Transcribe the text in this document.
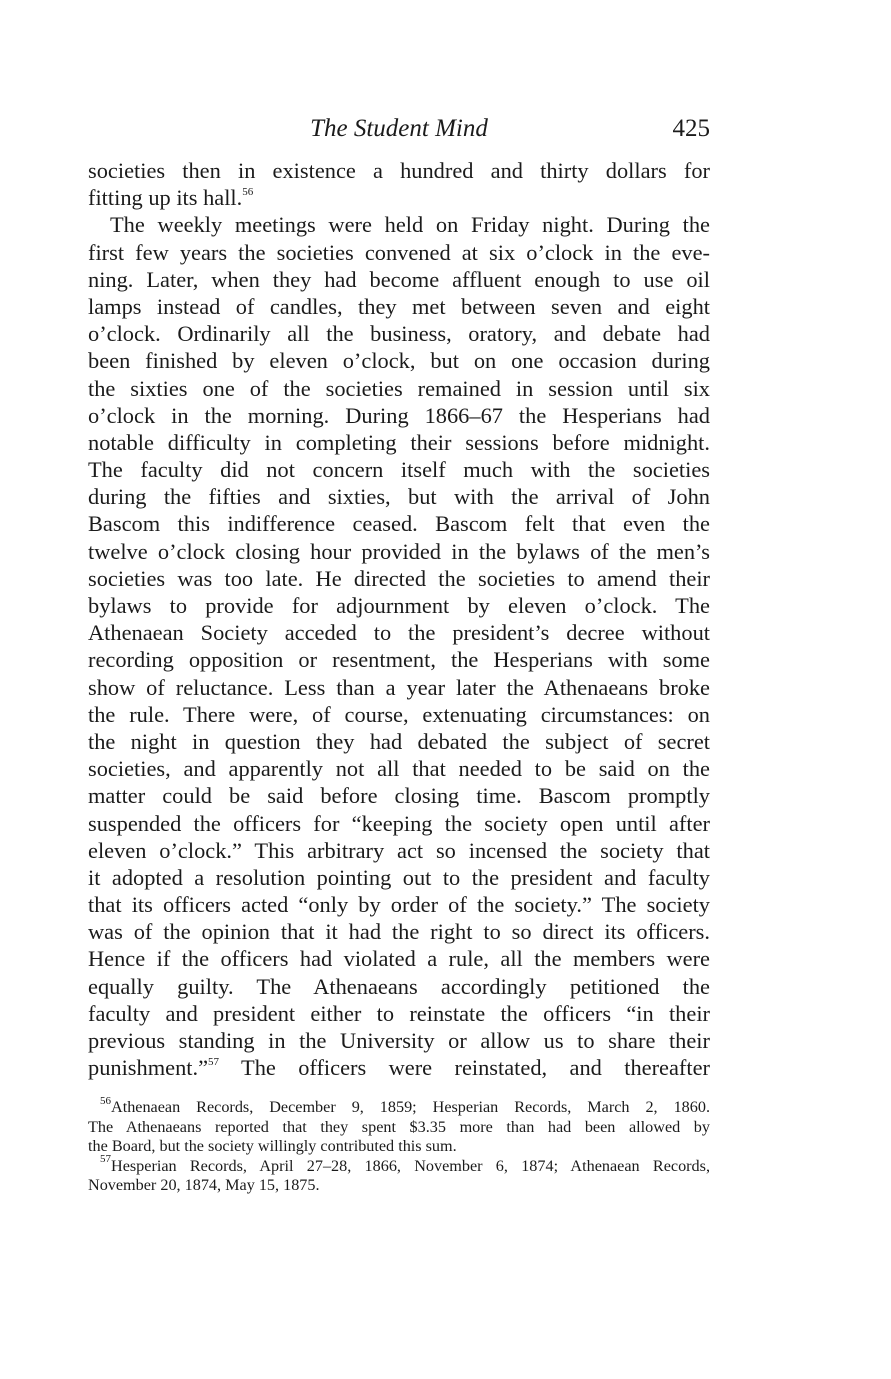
The Student Mind	425
societies then in existence a hundred and thirty dollars for
fitting up its hall.$^{56}$
The weekly meetings were held on Friday night. During the
first few years the societies convened at six o’clock in the eve-
ning. Later, when they had become affluent enough to use oil
lamps instead of candles, they met between seven and eight
o’clock. Ordinarily all the business, oratory, and debate had
been finished by eleven o’clock, but on one occasion during
the sixties one of the societies remained in session until six
o’clock in the morning. During 1866–67 the Hesperians had
notable difficulty in completing their sessions before midnight.
The faculty did not concern itself much with the societies
during the fifties and sixties, but with the arrival of John
Bascom this indifference ceased. Bascom felt that even the
twelve o’clock closing hour provided in the bylaws of the men’s
societies was too late. He directed the societies to amend their
bylaws to provide for adjournment by eleven o’clock. The
Athenaean Society acceded to the president’s decree without
recording opposition or resentment, the Hesperians with some
show of reluctance. Less than a year later the Athenaeans broke
the rule. There were, of course, extenuating circumstances: on
the night in question they had debated the subject of secret
societies, and apparently not all that needed to be said on the
matter could be said before closing time. Bascom promptly
suspended the officers for “keeping the society open until after
eleven o’clock.” This arbitrary act so incensed the society that
it adopted a resolution pointing out to the president and faculty
that its officers acted “only by order of the society.” The society
was of the opinion that it had the right to so direct its officers.
Hence if the officers had violated a rule, all the members were
equally guilty. The Athenaeans accordingly petitioned the
faculty and president either to reinstate the officers “in their
previous standing in the University or allow us to share their
punishment.”$^{57}$ The officers were reinstated, and thereafter
$^{56}$Athenaean Records, December 9, 1859; Hesperian Records, March 2, 1860.
The Athenaeans reported that they spent $3.35 more than had been allowed by
the Board, but the society willingly contributed this sum.
$^{57}$Hesperian Records, April 27–28, 1866, November 6, 1874; Athenaean Records,
November 20, 1874, May 15, 1875.
